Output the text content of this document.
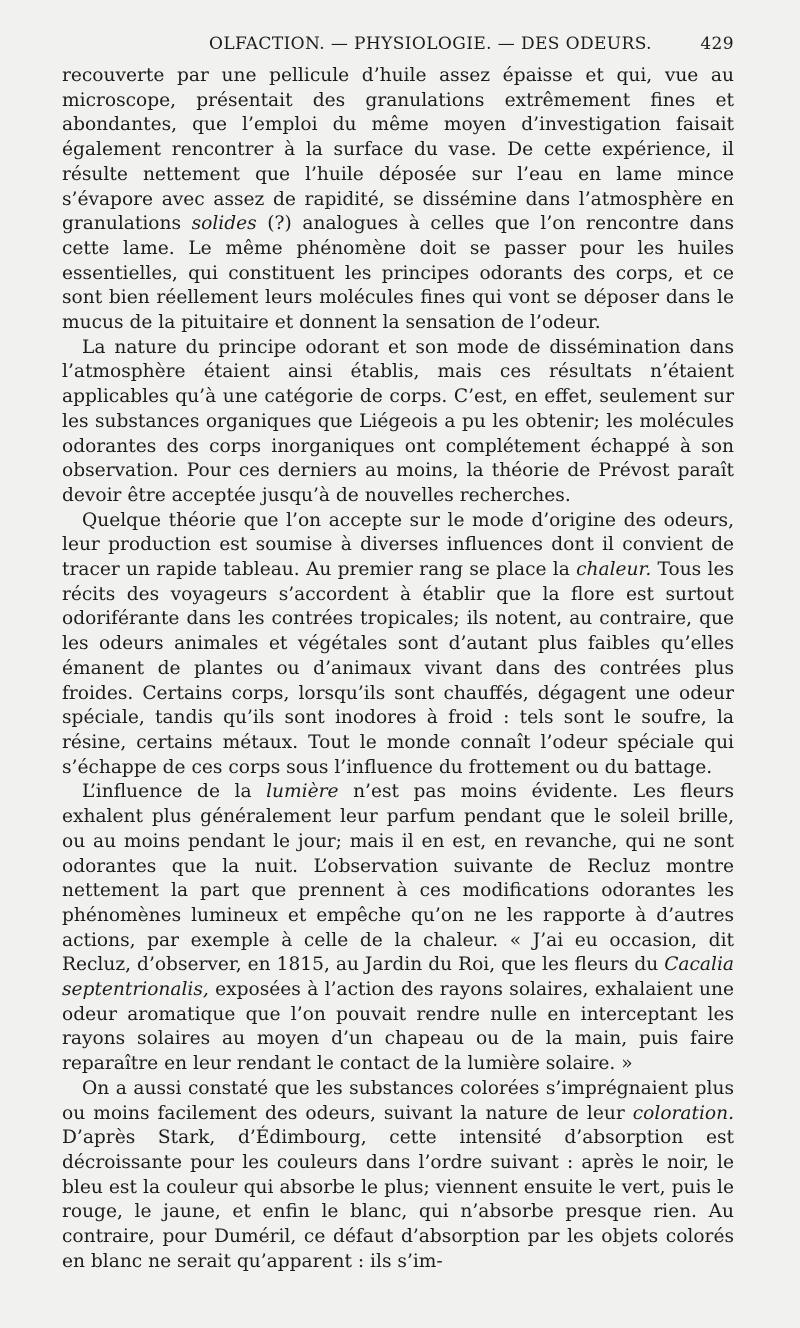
OLFACTION. — PHYSIOLOGIE. — DES ODEURS.	429

recouverte par une pellicule d’huile assez épaisse et qui, vue au microscope, présentait des granulations extrêmement fines et abondantes, que l’emploi du même moyen d’investigation faisait également rencontrer à la surface du vase. De cette expérience, il résulte nettement que l’huile déposée sur l’eau en lame mince s’évapore avec assez de rapidité, se dissémine dans l’atmosphère en granulations solides (?) analogues à celles que l’on rencontre dans cette lame. Le même phénomène doit se passer pour les huiles essentielles, qui constituent les principes odorants des corps, et ce sont bien réellement leurs molécules fines qui vont se déposer dans le mucus de la pituitaire et donnent la sensation de l’odeur.

La nature du principe odorant et son mode de dissémination dans l’atmosphère étaient ainsi établis, mais ces résultats n’étaient applicables qu’à une catégorie de corps. C’est, en effet, seulement sur les substances organiques que Liégeois a pu les obtenir; les molécules odorantes des corps inorganiques ont complétement échappé à son observation. Pour ces derniers au moins, la théorie de Prévost paraît devoir être acceptée jusqu’à de nouvelles recherches.

Quelque théorie que l’on accepte sur le mode d’origine des odeurs, leur production est soumise à diverses influences dont il convient de tracer un rapide tableau. Au premier rang se place la chaleur. Tous les récits des voyageurs s’accordent à établir que la flore est surtout odoriférante dans les contrées tropicales; ils notent, au contraire, que les odeurs animales et végétales sont d’autant plus faibles qu’elles émanent de plantes ou d’animaux vivant dans des contrées plus froides. Certains corps, lorsqu’ils sont chauffés, dégagent une odeur spéciale, tandis qu’ils sont inodores à froid : tels sont le soufre, la résine, certains métaux. Tout le monde connaît l’odeur spéciale qui s’échappe de ces corps sous l’influence du frottement ou du battage.

L’influence de la lumière n’est pas moins évidente. Les fleurs exhalent plus généralement leur parfum pendant que le soleil brille, ou au moins pendant le jour; mais il en est, en revanche, qui ne sont odorantes que la nuit. L’observation suivante de Recluz montre nettement la part que prennent à ces modifications odorantes les phénomènes lumineux et empêche qu’on ne les rapporte à d’autres actions, par exemple à celle de la chaleur. « J’ai eu occasion, dit Recluz, d’observer, en 1815, au Jardin du Roi, que les fleurs du Cacalia septentrionalis, exposées à l’action des rayons solaires, exhalaient une odeur aromatique que l’on pouvait rendre nulle en interceptant les rayons solaires au moyen d’un chapeau ou de la main, puis faire reparaître en leur rendant le contact de la lumière solaire. »

On a aussi constaté que les substances colorées s’imprégnaient plus ou moins facilement des odeurs, suivant la nature de leur coloration. D’après Stark, d’Édimbourg, cette intensité d’absorption est décroissante pour les couleurs dans l’ordre suivant : après le noir, le bleu est la couleur qui absorbe le plus; viennent ensuite le vert, puis le rouge, le jaune, et enfin le blanc, qui n’absorbe presque rien. Au contraire, pour Duméril, ce défaut d’absorption par les objets colorés en blanc ne serait qu’apparent : ils s’im-
